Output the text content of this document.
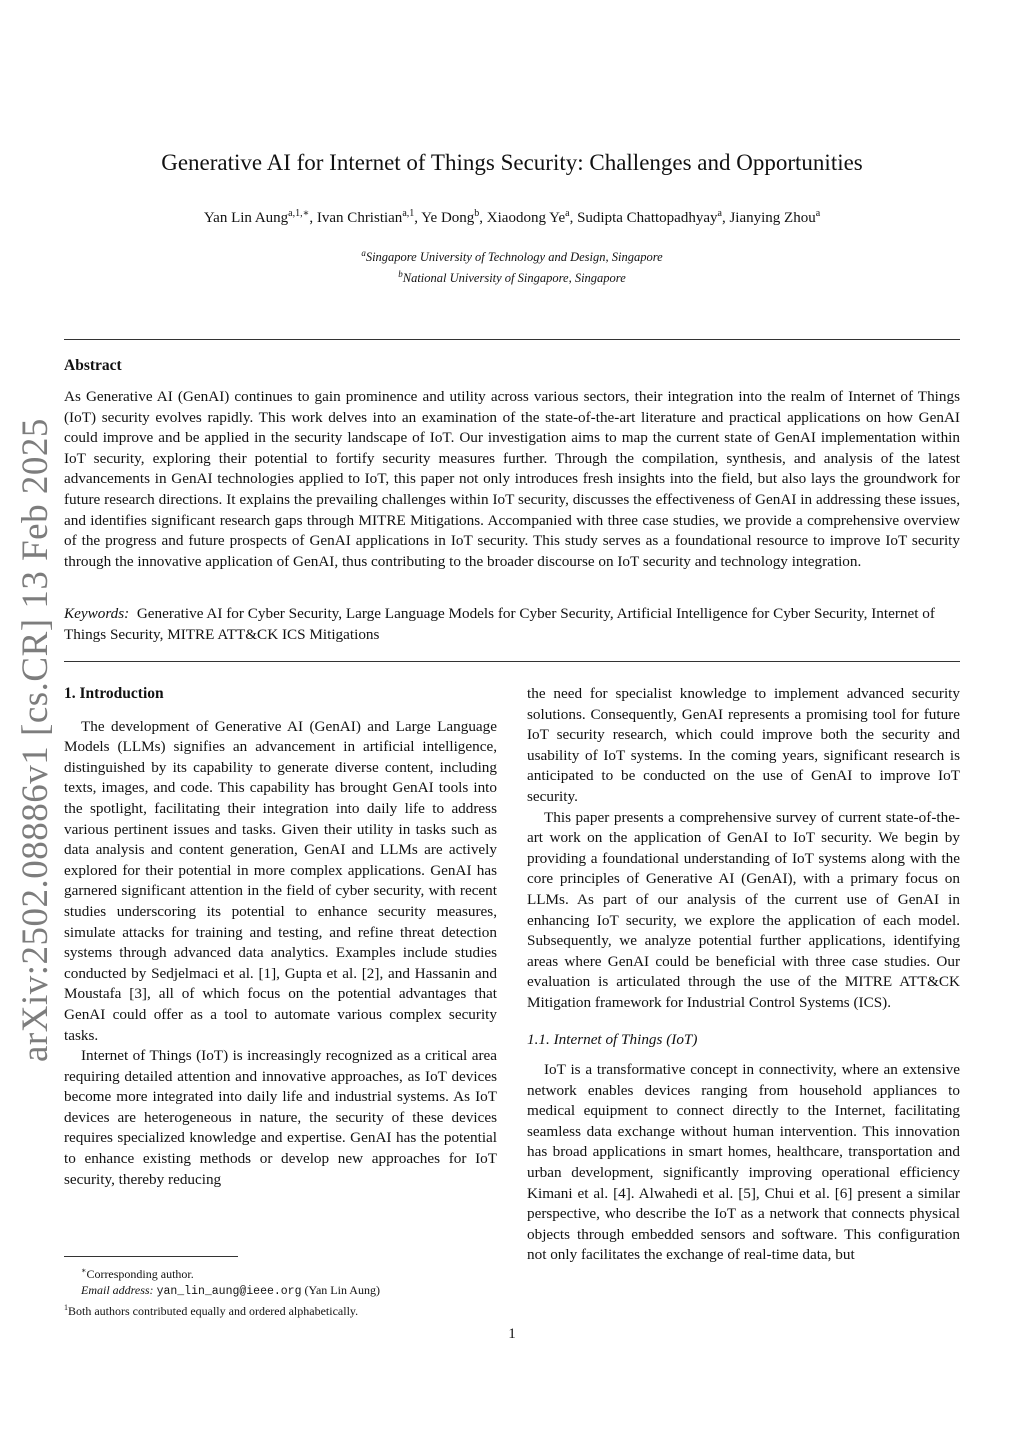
arXiv:2502.08886v1 [cs.CR] 13 Feb 2025
Generative AI for Internet of Things Security: Challenges and Opportunities
Yan Lin Aung$^{a,1,∗}$, Ivan Christian$^{a,1}$, Ye Dong$^b$, Xiaodong Ye$^a$, Sudipta Chattopadhyay$^a$, Jianying Zhou$^a$
$^a$Singapore University of Technology and Design, Singapore
$^b$National University of Singapore, Singapore
Abstract
As Generative AI (GenAI) continues to gain prominence and utility across various sectors, their integration into the realm of Internet of Things (IoT) security evolves rapidly. This work delves into an examination of the state-of-the-art literature and practical applications on how GenAI could improve and be applied in the security landscape of IoT. Our investigation aims to map the current state of GenAI implementation within IoT security, exploring their potential to fortify security measures further. Through the compilation, synthesis, and analysis of the latest advancements in GenAI technologies applied to IoT, this paper not only introduces fresh insights into the field, but also lays the groundwork for future research directions. It explains the prevailing challenges within IoT security, discusses the effectiveness of GenAI in addressing these issues, and identifies significant research gaps through MITRE Mitigations. Accompanied with three case studies, we provide a comprehensive overview of the progress and future prospects of GenAI applications in IoT security. This study serves as a foundational resource to improve IoT security through the innovative application of GenAI, thus contributing to the broader discourse on IoT security and technology integration.
Keywords: Generative AI for Cyber Security, Large Language Models for Cyber Security, Artificial Intelligence for Cyber Security, Internet of Things Security, MITRE ATT&CK ICS Mitigations
1. Introduction

The development of Generative AI (GenAI) and Large Language Models (LLMs) signifies an advancement in artificial intelligence, distinguished by its capability to generate diverse content, including texts, images, and code. This capability has brought GenAI tools into the spotlight, facilitating their integration into daily life to address various pertinent issues and tasks. Given their utility in tasks such as data analysis and content generation, GenAI and LLMs are actively explored for their potential in more complex applications. GenAI has garnered significant attention in the field of cyber security, with recent studies underscoring its potential to enhance security measures, simulate attacks for training and testing, and refine threat detection systems through advanced data analytics. Examples include studies conducted by Sedjelmaci et al. [1], Gupta et al. [2], and Hassanin and Moustafa [3], all of which focus on the potential advantages that GenAI could offer as a tool to automate various complex security tasks.

Internet of Things (IoT) is increasingly recognized as a critical area requiring detailed attention and innovative approaches, as IoT devices become more integrated into daily life and industrial systems. As IoT devices are heterogeneous in nature, the security of these devices requires specialized knowledge and expertise. GenAI has the potential to enhance existing methods or develop new approaches for IoT security, thereby reducing

the need for specialist knowledge to implement advanced security solutions. Consequently, GenAI represents a promising tool for future IoT security research, which could improve both the security and usability of IoT systems. In the coming years, significant research is anticipated to be conducted on the use of GenAI to improve IoT security.

This paper presents a comprehensive survey of current state-of-the-art work on the application of GenAI to IoT security. We begin by providing a foundational understanding of IoT systems along with the core principles of Generative AI (GenAI), with a primary focus on LLMs. As part of our analysis of the current use of GenAI in enhancing IoT security, we explore the application of each model. Subsequently, we analyze potential further applications, identifying areas where GenAI could be beneficial with three case studies. Our evaluation is articulated through the use of the MITRE ATT&CK Mitigation framework for Industrial Control Systems (ICS).

1.1. Internet of Things (IoT)

IoT is a transformative concept in connectivity, where an extensive network enables devices ranging from household appliances to medical equipment to connect directly to the Internet, facilitating seamless data exchange without human intervention. This innovation has broad applications in smart homes, healthcare, transportation and urban development, significantly improving operational efficiency Kimani et al. [4]. Alwahedi et al. [5], Chui et al. [6] present a similar perspective, who describe the IoT as a network that connects physical objects through embedded sensors and software. This configuration not only facilitates the exchange of real-time data, but

∗Corresponding author.
Email address: yan_lin_aung@ieee.org (Yan Lin Aung)
$^1$Both authors contributed equally and ordered alphabetically.
1
